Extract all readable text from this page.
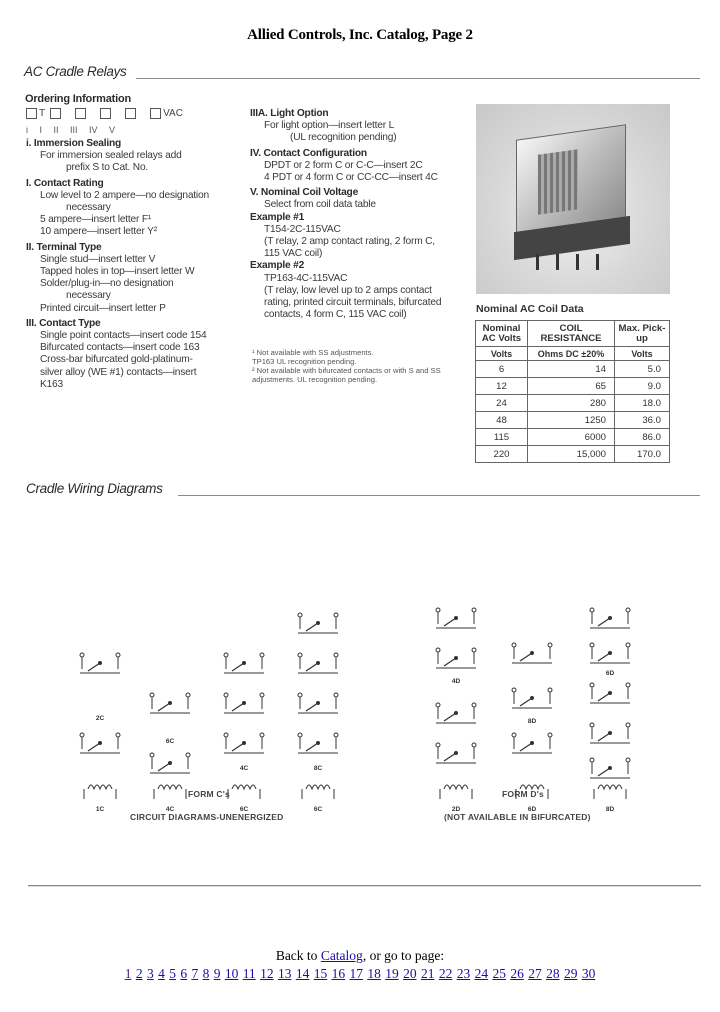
Allied Controls, Inc. Catalog, Page 2
AC Cradle Relays
Ordering Information
T	VAC
i I II III IV V
i. Immersion Sealing
For immersion sealed relays add
prefix S to Cat. No.
I. Contact Rating
Low level to 2 ampere—no designation
necessary
5 ampere—insert letter F¹
10 ampere—insert letter Y²
II. Terminal Type
Single stud—insert letter V
Tapped holes in top—insert letter W
Solder/plug-in—no designation
necessary
Printed circuit—insert letter P
III. Contact Type
Single point contacts—insert code 154
Bifurcated contacts—insert code 163
Cross-bar bifurcated gold-platinum-
silver alloy (WE #1) contacts—insert
K163
IIIA. Light Option
For light option—insert letter L
(UL recognition pending)
IV. Contact Configuration
DPDT or 2 form C or C-C—insert 2C
4 PDT or 4 form C or CC-CC—insert 4C
V. Nominal Coil Voltage
Select from coil data table
Example #1
T154-2C-115VAC
(T relay, 2 amp contact rating, 2 form C,
115 VAC coil)
Example #2
TP163-4C-115VAC
(T relay, low level up to 2 amps contact
rating, printed circuit terminals, bifurcated
contacts, 4 form C, 115 VAC coil)
¹ Not available with SS adjustments.
TP163 UL recognition pending.
² Not available with bifurcated contacts or with S and SS
adjustments. UL recognition pending.
Nominal AC Coil Data
Nominal AC Volts	COIL RESISTANCE	Max. Pick-up
Volts	Ohms DC ±20%	Volts
6	14	5.0
12	65	9.0
24	280	18.0
48	1250	36.0
115	6000	86.0
220	15,000	170.0
Cradle Wiring Diagrams
2C
6C
4C	8C
1C	4C	6C	6C
4D
8D
6D
2D	6D	8D
FORM C's
CIRCUIT DIAGRAMS-UNENERGIZED
FORM D's
(NOT AVAILABLE IN BIFURCATED)
Back to Catalog, or go to page:
1 2 3 4 5 6 7 8 9 10 11 12 13 14 15 16 17 18 19 20 21 22 23 24 25 26 27 28 29 30
